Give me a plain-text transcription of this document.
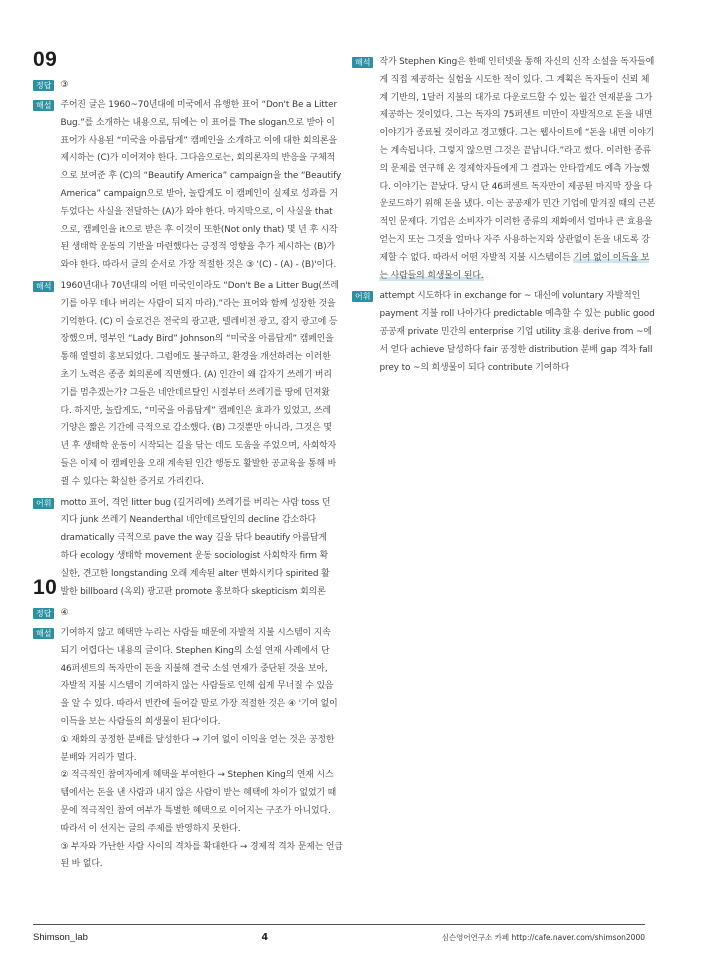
09
정답	③
해설	주어진 글은 1960~70년대에 미국에서 유행한 표어 “Don't Be a Litter
Bug.”를 소개하는 내용으로, 뒤에는 이 표어를 The slogan으로 받아 이
표어가 사용된 “미국을 아름답게” 캠페인을 소개하고 이에 대한 회의론을
제시하는 (C)가 이어져야 한다. 그다음으로는, 회의론자의 반응을 구체적
으로 보여준 후 (C)의 “Beautify America” campaign을 the “Beautify
America” campaign으로 받아, 놀랍게도 이 캠페인이 실제로 성과를 거
두었다는 사실을 전달하는 (A)가 와야 한다. 마지막으로, 이 사실을 that
으로, 캠페인을 it으로 받은 후 이것이 또한(Not only that) 몇 년 후 시작
된 생태학 운동의 기반을 마련했다는 긍정적 영향을 추가 제시하는 (B)가
와야 한다. 따라서 글의 순서로 가장 적절한 것은 ③ '(C) - (A) - (B)'이다.
해석	1960년대나 70년대의 어떤 미국인이라도 “Don't Be a Litter Bug(쓰레
기를 아무 데나 버리는 사람이 되지 마라).”라는 표어와 함께 성장한 것을
기억한다. (C) 이 슬로건은 전국의 광고판, 텔레비전 광고, 잡지 광고에 등
장했으며, 영부인 “Lady Bird” Johnson의 “미국을 아름답게” 캠페인을
통해 열렬히 홍보되었다. 그럼에도 불구하고, 환경을 개선하려는 이러한
초기 노력은 종종 회의론에 직면했다. (A) 인간이 왜 갑자기 쓰레기 버리
기를 멈추겠는가? 그들은 네안데르탈인 시절부터 쓰레기를 땅에 던져왔
다. 하지만, 놀랍게도, “미국을 아름답게” 캠페인은 효과가 있었고, 쓰레
기양은 짧은 기간에 극적으로 감소했다. (B) 그것뿐만 아니라, 그것은 몇
년 후 생태학 운동이 시작되는 길을 닦는 데도 도움을 주었으며, 사회학자
들은 이제 이 캠페인을 오래 계속된 인간 행동도 활발한 공교육을 통해 바
뀔 수 있다는 확실한 증거로 가리킨다.
어휘	motto 표어, 격언 litter bug (길거리에) 쓰레기를 버리는 사람 toss 던
지다 junk 쓰레기 Neanderthal 네안데르탈인의 decline 감소하다
dramatically 극적으로 pave the way 길을 닦다 beautify 아름답게
하다 ecology 생태학 movement 운동 sociologist 사회학자 firm 확
실한, 견고한 longstanding 오래 계속된 alter 변화시키다 spirited 활
발한 billboard (옥외) 광고판 promote 홍보하다 skepticism 회의론
10
정답	④
해설	기여하지 않고 혜택만 누리는 사람들 때문에 자발적 지불 시스템이 지속
되기 어렵다는 내용의 글이다. Stephen King의 소설 연재 사례에서 단
46퍼센트의 독자만이 돈을 지불해 결국 소설 연재가 중단된 것을 보아,
자발적 지불 시스템이 기여하지 않는 사람들로 인해 쉽게 무너질 수 있음
을 알 수 있다. 따라서 빈칸에 들어갈 말로 가장 적절한 것은 ④ '기여 없이
이득을 보는 사람들의 희생물이 된다'이다.
① 재화의 공정한 분배를 달성한다 → 기여 없이 이익을 얻는 것은 공정한
분배와 거리가 멀다.
② 적극적인 참여자에게 혜택을 부여한다 → Stephen King의 연재 시스
템에서는 돈을 낸 사람과 내지 않은 사람이 받는 혜택에 차이가 없었기 때
문에 적극적인 참여 여부가 특별한 혜택으로 이어지는 구조가 아니었다.
따라서 이 선지는 글의 주제를 반영하지 못한다.
③ 부자와 가난한 사람 사이의 격차를 확대한다 → 경제적 격차 문제는 언급
된 바 없다.
해석	작가 Stephen King은 한때 인터넷을 통해 자신의 신작 소설을 독자들에
게 직접 제공하는 실험을 시도한 적이 있다. 그 계획은 독자들이 신뢰 체
계 기반의, 1달러 지불의 대가로 다운로드할 수 있는 월간 연재분을 그가
제공하는 것이었다. 그는 독자의 75퍼센트 미만이 자발적으로 돈을 내면
이야기가 종료될 것이라고 경고했다. 그는 웹사이트에 “돈을 내면 이야기
는 계속됩니다. 그렇지 않으면 그것은 끝납니다.”라고 썼다. 이러한 종류
의 문제를 연구해 온 경제학자들에게 그 결과는 안타깝게도 예측 가능했
다. 이야기는 끝났다. 당시 단 46퍼센트 독자만이 제공된 마지막 장을 다
운로드하기 위해 돈을 냈다. 이는 공공재가 민간 기업에 맡겨질 때의 근본
적인 문제다. 기업은 소비자가 이러한 종류의 재화에서 얼마나 큰 효용을
얻는지 또는 그것을 얼마나 자주 사용하는지와 상관없이 돈을 내도록 강
제할 수 없다. 따라서 어떤 자발적 지불 시스템이든 기여 없이 이득을 보
는 사람들의 희생물이 된다.
어휘	attempt 시도하다 in exchange for ~ 대신에 voluntary 자발적인
payment 지불 roll 나아가다 predictable 예측할 수 있는 public good
공공재 private 민간의 enterprise 기업 utility 효용 derive from ~에
서 얻다 achieve 달성하다 fair 공정한 distribution 분배 gap 격차 fall
prey to ~의 희생물이 되다 contribute 기여하다
Shimson_lab	4	심슨영어연구소 카페 http://cafe.naver.com/shimson2000
